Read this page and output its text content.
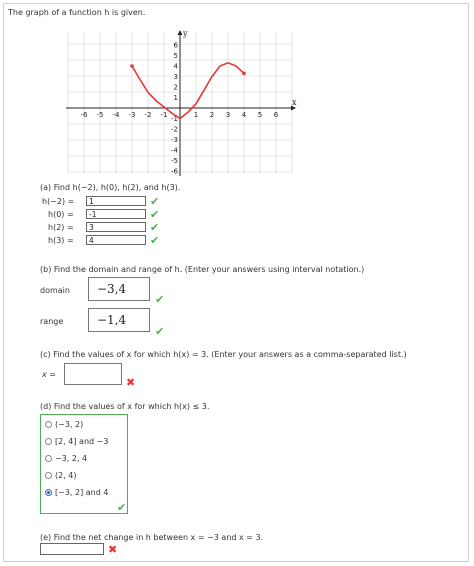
The graph of a function h is given.
-6 -5 -4 -3 -2 -1	1 2 3 4 5 6
6
5
4
3
2
1
-1
-2
-3
-4
-5
-6
y
x
(a) Find h(−2), h(0), h(2), and h(3).
h(−2) =	1	✔
h(0) =	-1	✔
h(2) =	3	✔
h(3) =	4	✔
(b) Find the domain and range of h. (Enter your answers using interval notation.)
domain	−3,4
✔
range	−1,4
✔
(c) Find the values of x for which h(x) = 3. (Enter your answers as a comma-separated list.)
x =
✖
(d) Find the values of x for which h(x) ≤ 3.
(−3, 2)
[2, 4] and −3
−3, 2, 4
(2, 4)
[−3, 2] and 4
✔
(e) Find the net change in h between x = −3 and x = 3.
✖
